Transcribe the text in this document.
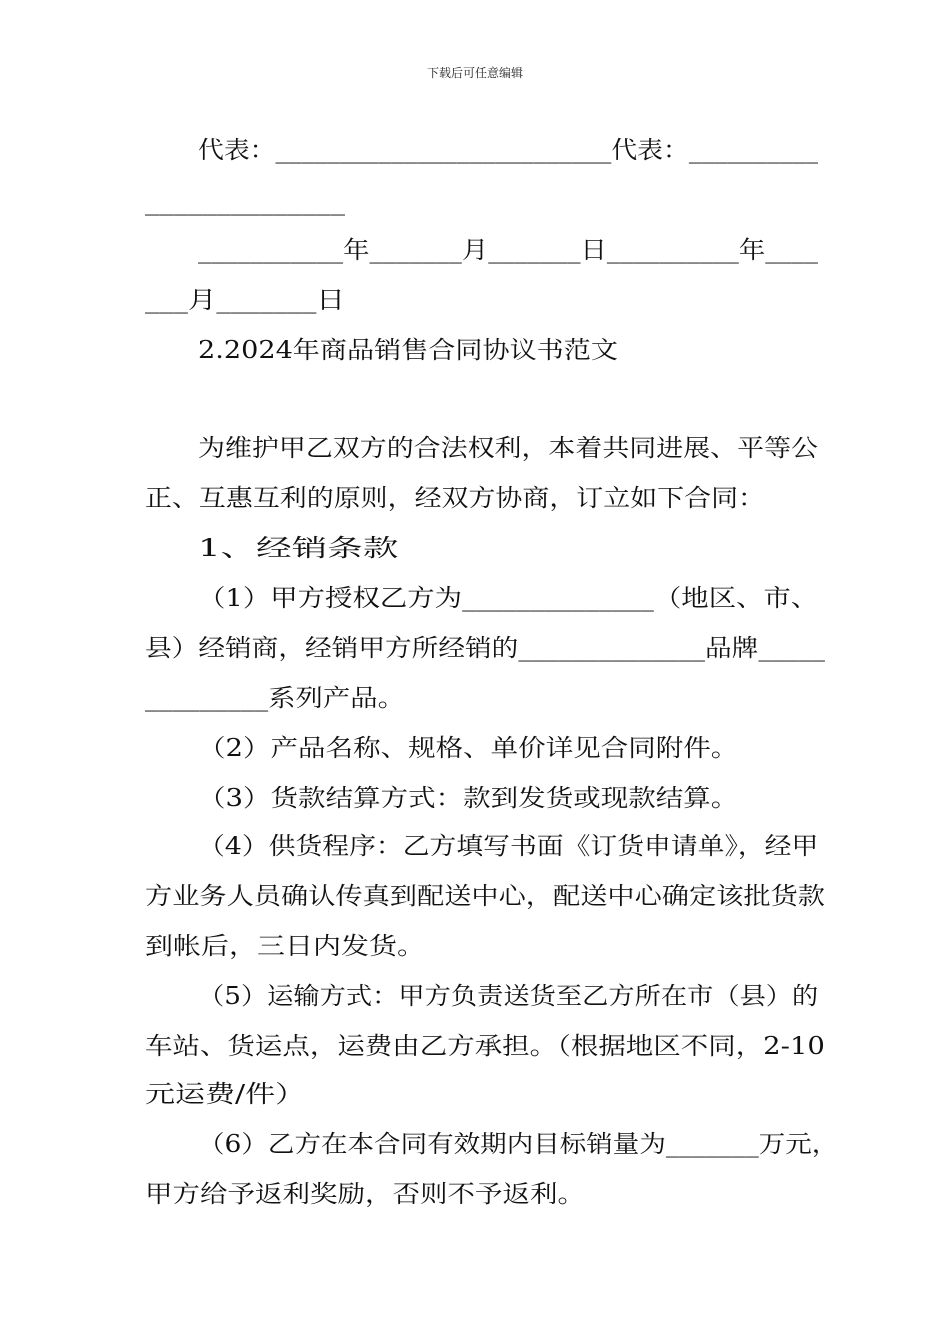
下载后可任意编辑
代表：__________________________代表：__________
______________
___________年_______月_______日__________年____
___月_______日
2.2024年商品销售合同协议书范文
为维护甲乙双方的合法权利，本着共同进展、平等公
正、互惠互利的原则，经双方协商，订立如下合同：
1、经销条款
（1）甲方授权乙方为______________（地区、市、
县）经销商，经销甲方所经销的______________品牌_____
_________系列产品。
（2）产品名称、规格、单价详见合同附件。
（3）货款结算方式：款到发货或现款结算。
（4）供货程序：乙方填写书面《订货申请单》，经甲
方业务人员确认传真到配送中心，配送中心确定该批货款
到帐后，三日内发货。
（5）运输方式：甲方负责送货至乙方所在市（县）的
车站、货运点，运费由乙方承担。（根据地区不同，2-10
元运费/件）
（6）乙方在本合同有效期内目标销量为_______万元，
甲方给予返利奖励，否则不予返利。
